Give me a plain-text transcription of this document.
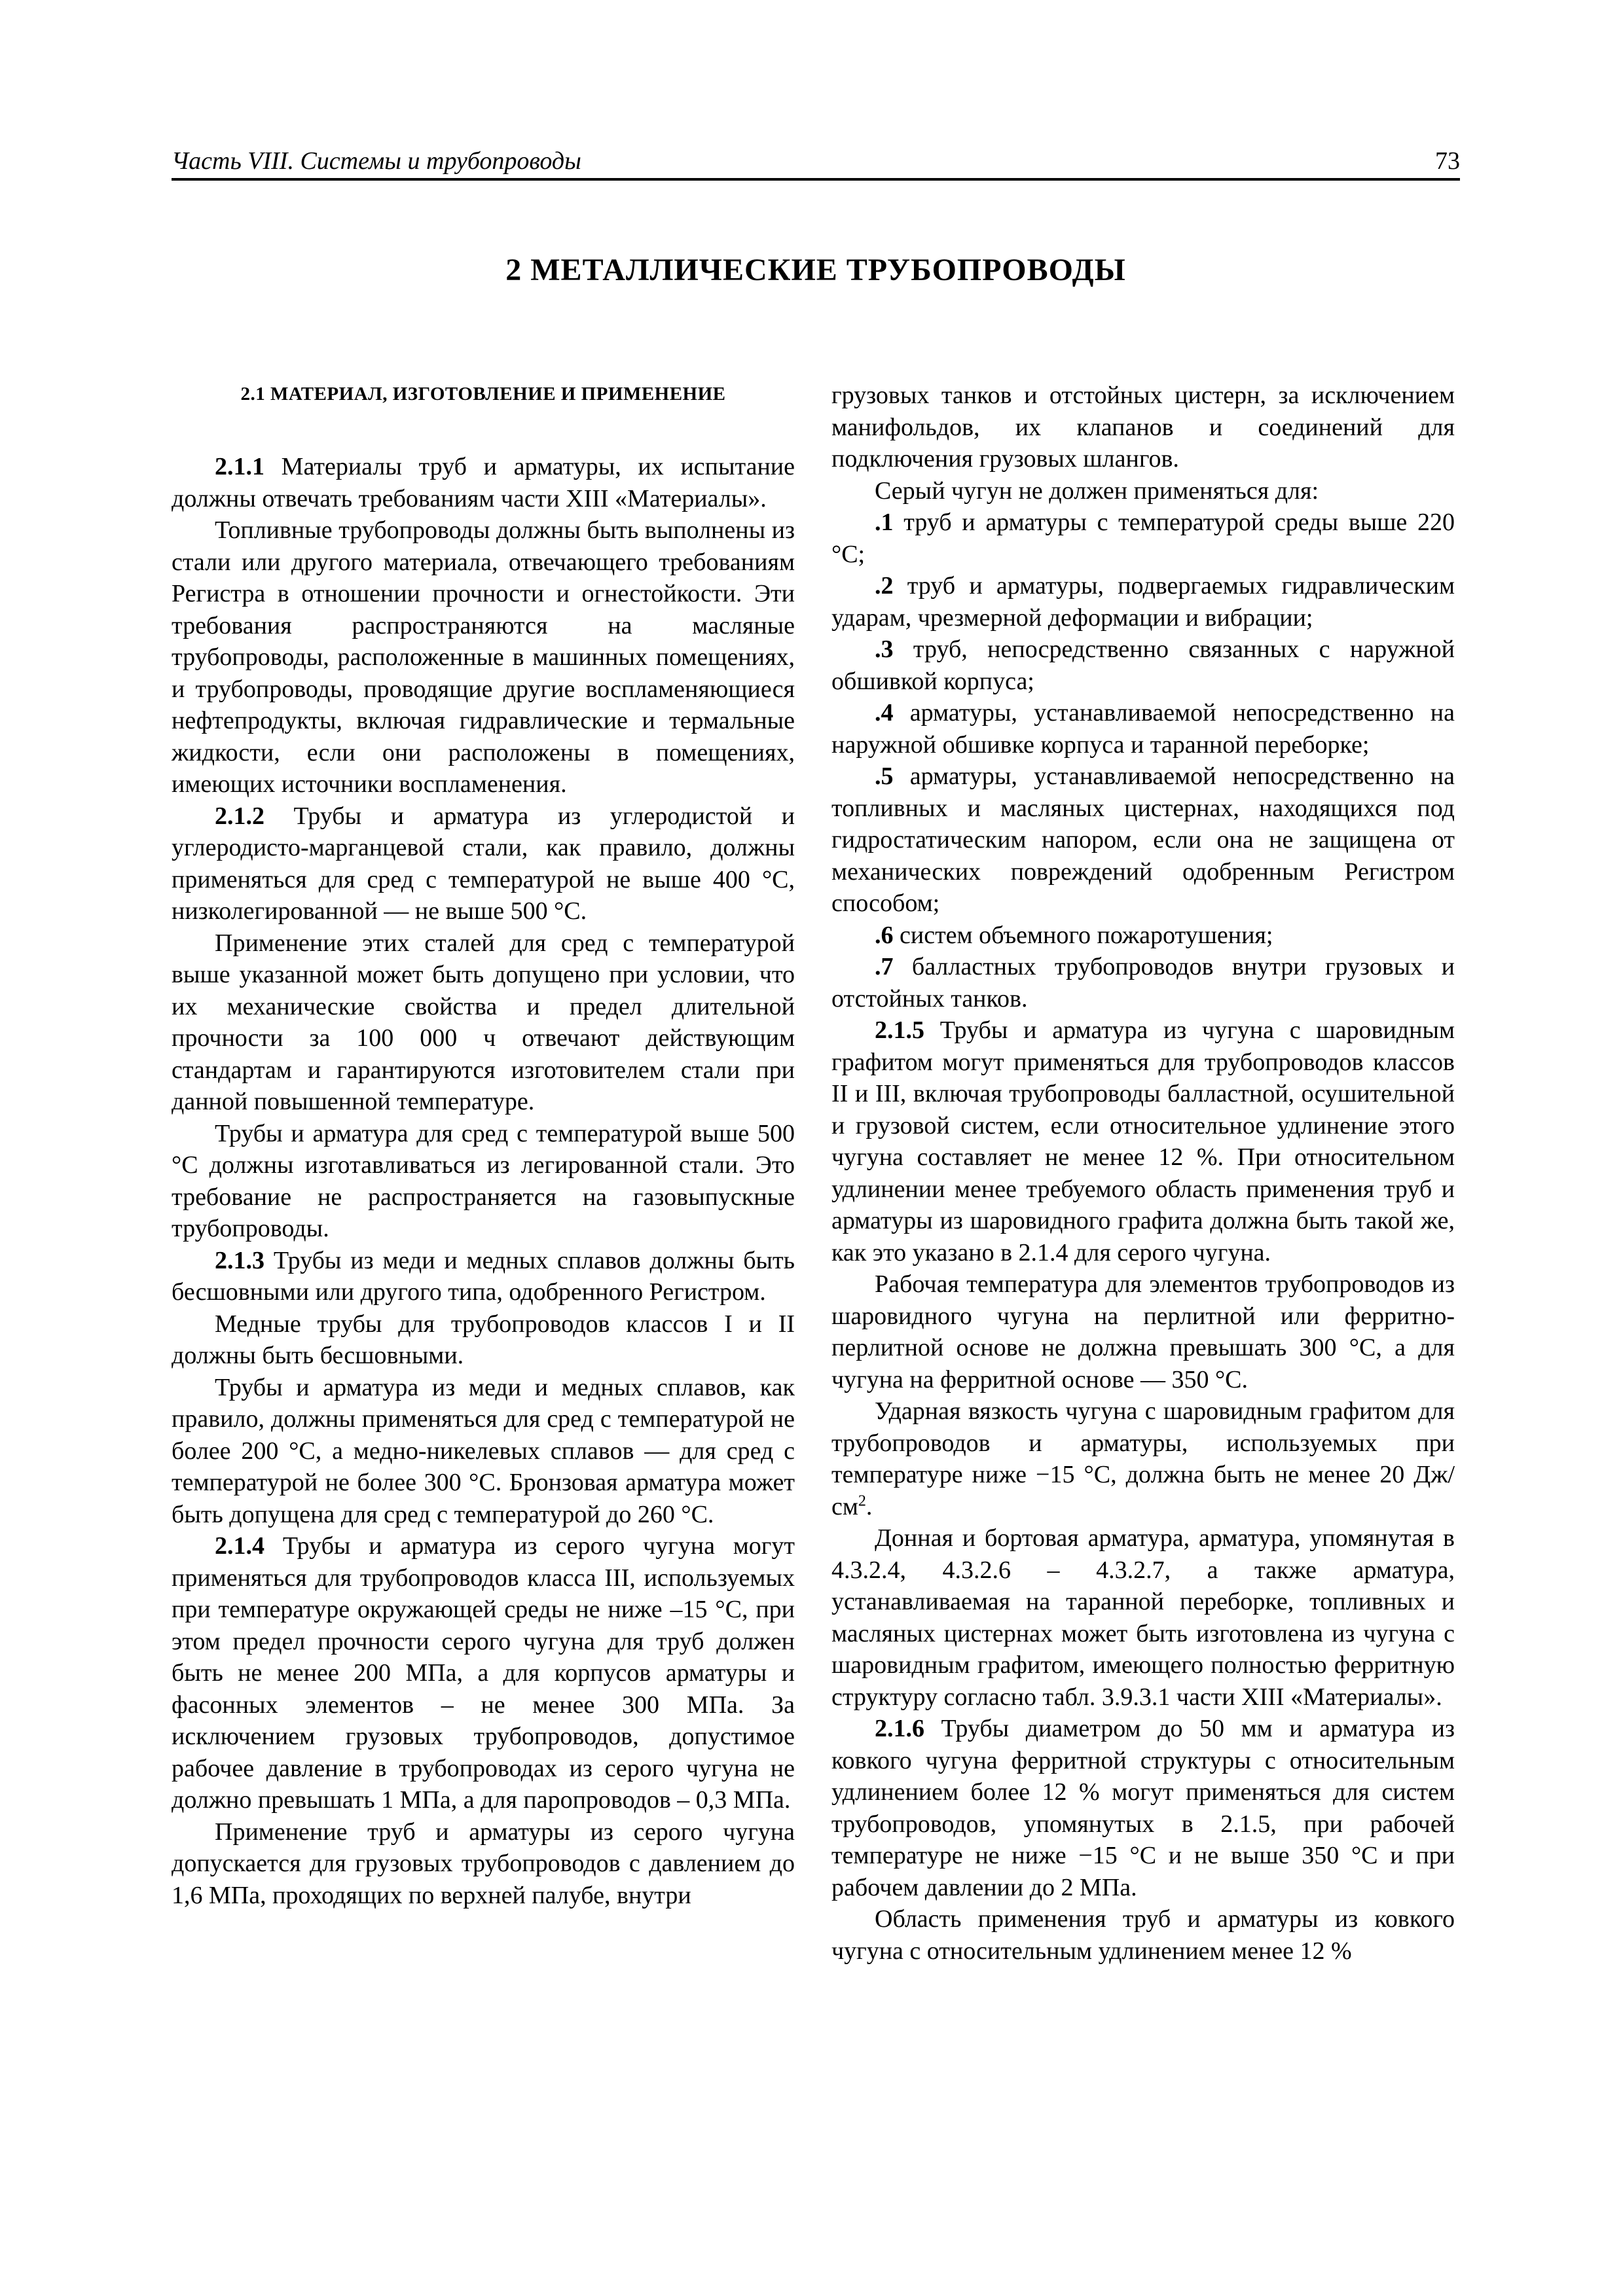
Часть VIII. Системы и трубопроводы	73
2 МЕТАЛЛИЧЕСКИЕ ТРУБОПРОВОДЫ
2.1 МАТЕРИАЛ, ИЗГОТОВЛЕНИЕ И ПРИМЕНЕНИЕ

2.1.1 Материалы труб и арматуры, их испытание должны отвечать требованиям части XIII «Материалы».

Топливные трубопроводы должны быть выполнены из стали или другого материала, отвечающего требованиям Регистра в отношении прочности и огнестойкости. Эти требования распространяются на масляные трубопроводы, расположенные в машинных помещениях, и трубопроводы, проводящие другие воспламеняющиеся нефтепродукты, включая гидравлические и термальные жидкости, если они расположены в помещениях, имеющих источники воспламенения.

2.1.2 Трубы и арматура из углеродистой и углеродисто-марганцевой стали, как правило, должны применяться для сред с температурой не выше 400 °С, низколегированной — не выше 500 °С.

Применение этих сталей для сред с температурой выше указанной может быть допущено при условии, что их механические свойства и предел длительной прочности за 100 000 ч отвечают действующим стандартам и гарантируются изготовителем стали при данной повышенной температуре.

Трубы и арматура для сред с температурой выше 500 °С должны изготавливаться из легированной стали. Это требование не распространяется на газовыпускные трубопроводы.

2.1.3 Трубы из меди и медных сплавов должны быть бесшовными или другого типа, одобренного Регистром.

Медные трубы для трубопроводов классов I и II должны быть бесшовными.

Трубы и арматура из меди и медных сплавов, как правило, должны применяться для сред с температурой не более 200 °С, а медно-никелевых сплавов — для сред с температурой не более 300 °С. Бронзовая арматура может быть допущена для сред с температурой до 260 °С.

2.1.4 Трубы и арматура из серого чугуна могут применяться для трубопроводов класса III, используемых при температуре окружающей среды не ниже –15 °С, при этом предел прочности серого чугуна для труб должен быть не менее 200 МПа, а для корпусов арматуры и фасонных элементов – не менее 300 МПа. За исключением грузовых трубопроводов, допустимое рабочее давление в трубопроводах из серого чугуна не должно превышать 1 МПа, а для паропроводов – 0,3 МПа.

Применение труб и арматуры из серого чугуна допускается для грузовых трубопроводов с давлением до 1,6 МПа, проходящих по верхней палубе, внутри

грузовых танков и отстойных цистерн, за исключением манифольдов, их клапанов и соединений для подключения грузовых шлангов.

Серый чугун не должен применяться для:

.1 труб и арматуры с температурой среды выше 220 °С;

.2 труб и арматуры, подвергаемых гидравлическим ударам, чрезмерной деформации и вибрации;

.3 труб, непосредственно связанных с наружной обшивкой корпуса;

.4 арматуры, устанавливаемой непосредственно на наружной обшивке корпуса и таранной переборке;

.5 арматуры, устанавливаемой непосредственно на топливных и масляных цистернах, находящихся под гидростатическим напором, если она не защищена от механических повреждений одобренным Регистром способом;

.6 систем объемного пожаротушения;

.7 балластных трубопроводов внутри грузовых и отстойных танков.

2.1.5 Трубы и арматура из чугуна с шаровидным графитом могут применяться для трубопроводов классов II и III, включая трубопроводы балластной, осушительной и грузовой систем, если относительное удлинение этого чугуна составляет не менее 12 %. При относительном удлинении менее требуемого область применения труб и арматуры из шаровидного графита должна быть такой же, как это указано в 2.1.4 для серого чугуна.

Рабочая температура для элементов трубопроводов из шаровидного чугуна на перлитной или ферритно-перлитной основе не должна превышать 300 °С, а для чугуна на ферритной основе — 350 °С.

Ударная вязкость чугуна с шаровидным графитом для трубопроводов и арматуры, используемых при температуре ниже −15 °С, должна быть не менее 20 $Дж/см^2$.

Донная и бортовая арматура, арматура, упомянутая в 4.3.2.4, 4.3.2.6 – 4.3.2.7, а также арматура, устанавливаемая на таранной переборке, топливных и масляных цистернах может быть изготовлена из чугуна с шаровидным графитом, имеющего полностью ферритную структуру согласно табл. 3.9.3.1 части XIII «Материалы».

2.1.6 Трубы диаметром до 50 мм и арматура из ковкого чугуна ферритной структуры с относительным удлинением более 12 % могут применяться для систем трубопроводов, упомянутых в 2.1.5, при рабочей температуре не ниже −15 °С и не выше 350 °С и при рабочем давлении до 2 МПа.

Область применения труб и арматуры из ковкого чугуна с относительным удлинением менее 12 %
